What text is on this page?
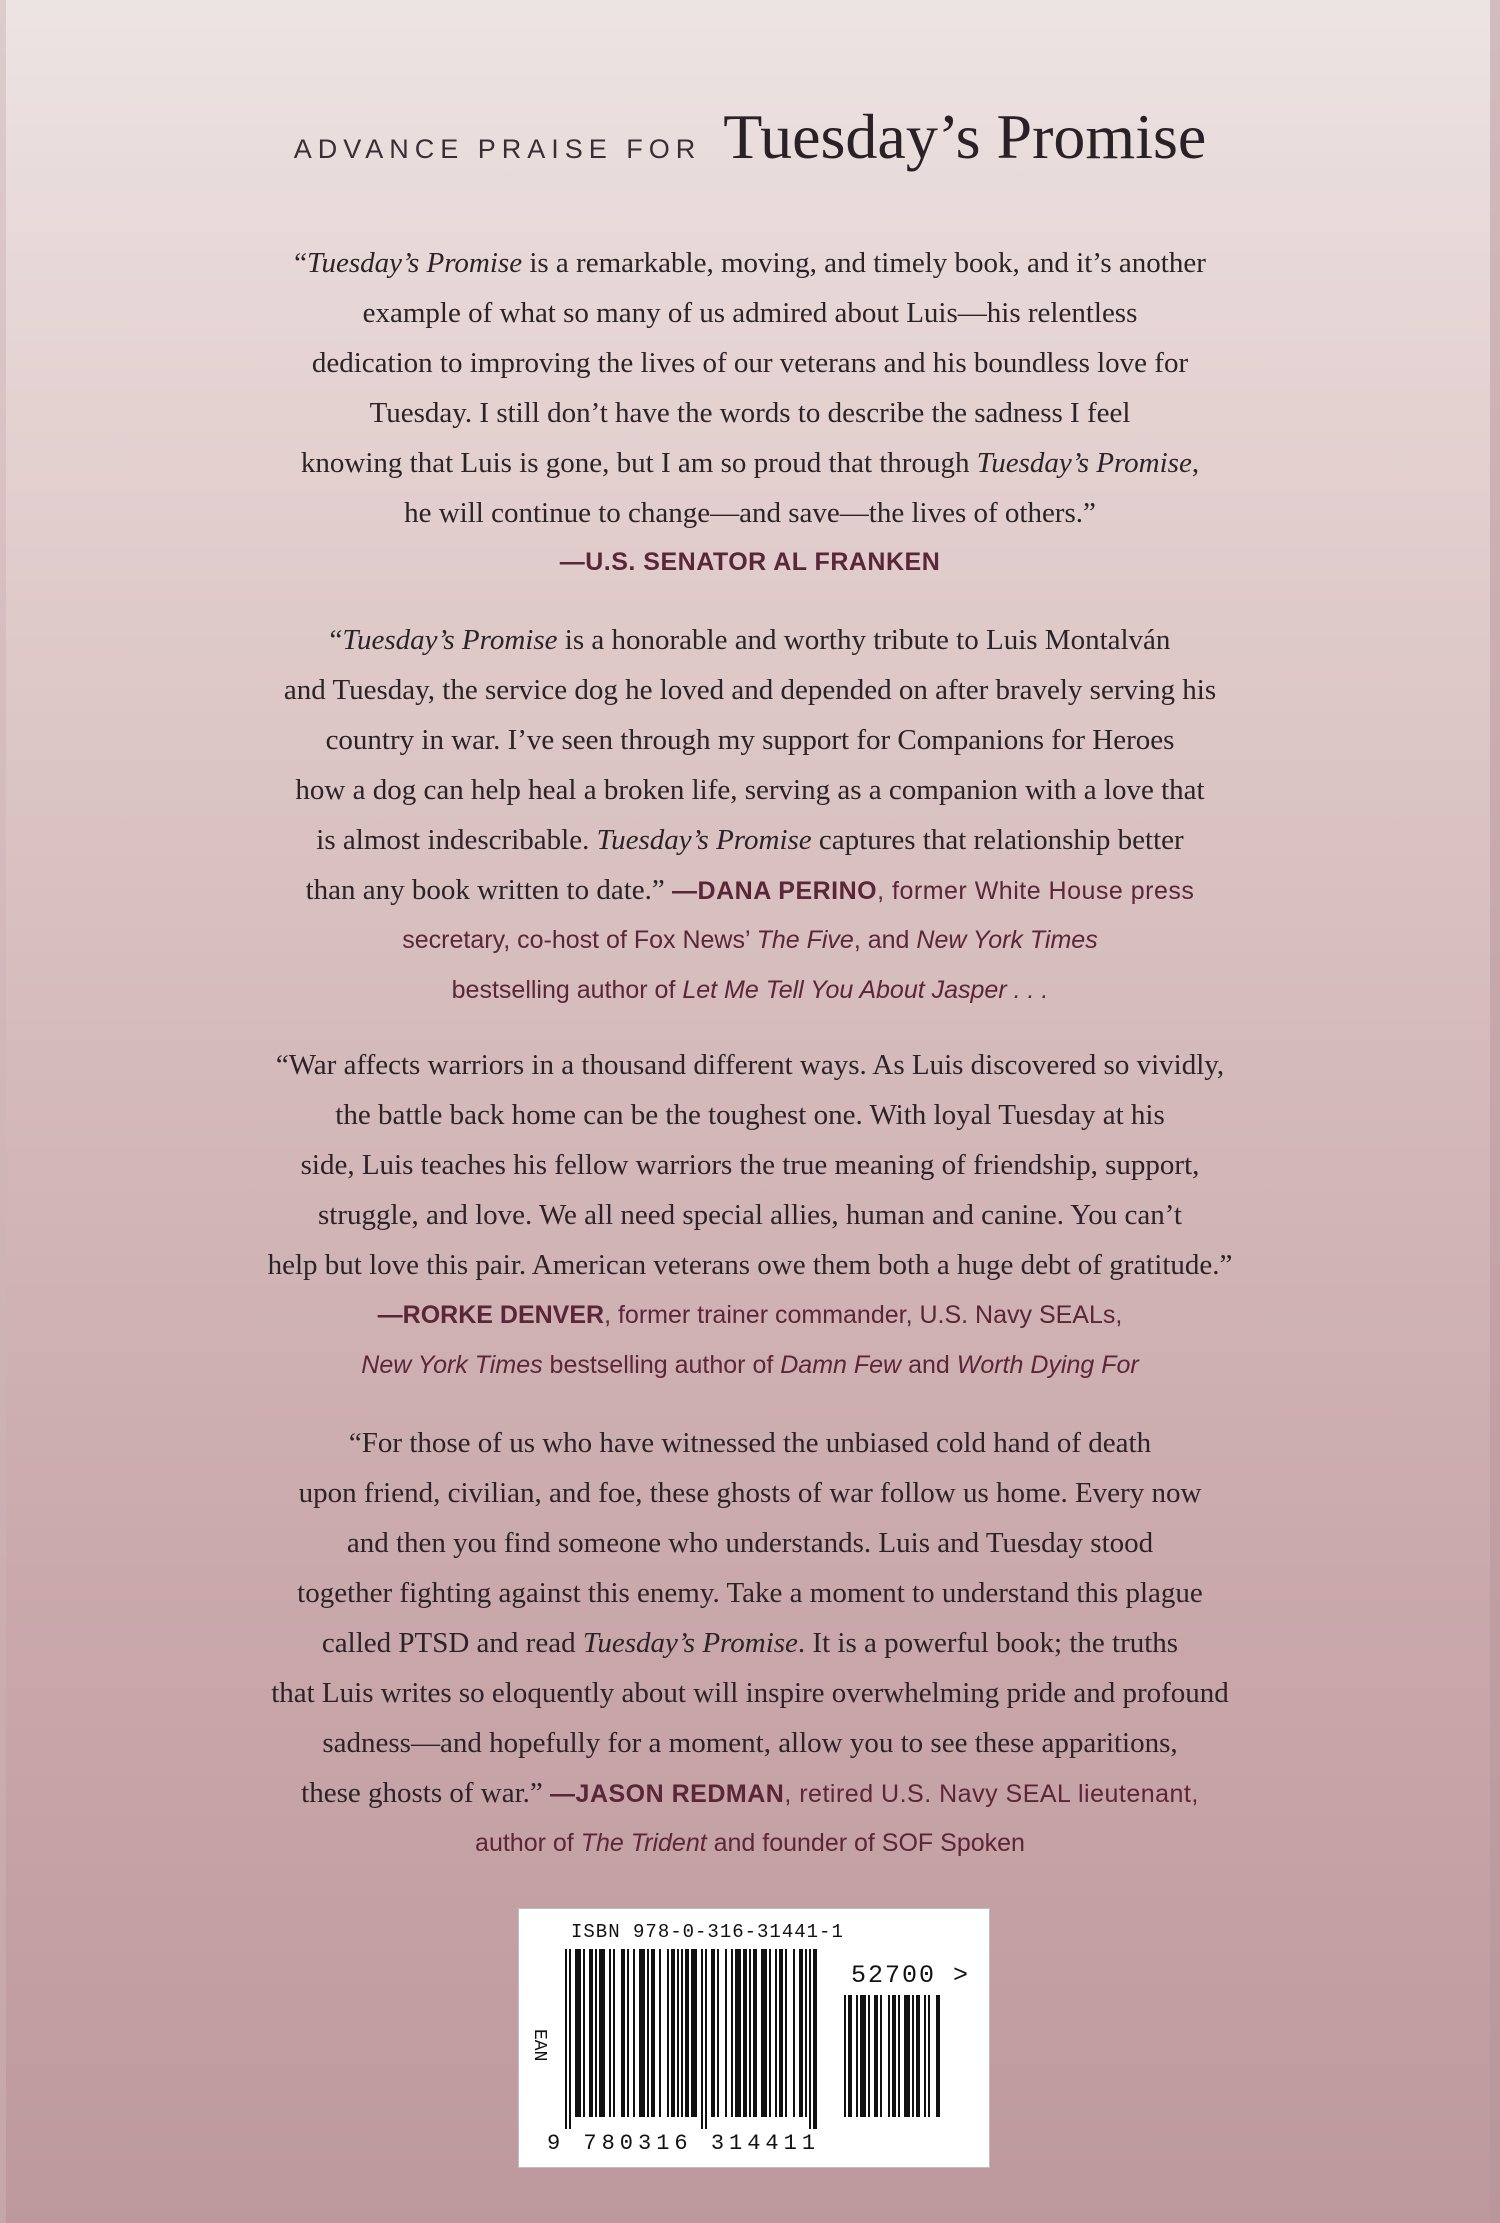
ADVANCE PRAISE FOR Tuesday’s Promise

“Tuesday’s Promise is a remarkable, moving, and timely book, and it’s another
example of what so many of us admired about Luis—his relentless
dedication to improving the lives of our veterans and his boundless love for
Tuesday. I still don’t have the words to describe the sadness I feel
knowing that Luis is gone, but I am so proud that through Tuesday’s Promise,
he will continue to change—and save—the lives of others.”

—U.S. SENATOR AL FRANKEN

“Tuesday’s Promise is a honorable and worthy tribute to Luis Montalván
and Tuesday, the service dog he loved and depended on after bravely serving his
country in war. I’ve seen through my support for Companions for Heroes
how a dog can help heal a broken life, serving as a companion with a love that
is almost indescribable. Tuesday’s Promise captures that relationship better
than any book written to date.” —DANA PERINO, former White House press

secretary, co-host of Fox News’ The Five, and New York Times
bestselling author of Let Me Tell You About Jasper . . .

“War affects warriors in a thousand different ways. As Luis discovered so vividly,
the battle back home can be the toughest one. With loyal Tuesday at his
side, Luis teaches his fellow warriors the true meaning of friendship, support,
struggle, and love. We all need special allies, human and canine. You can’t
help but love this pair. American veterans owe them both a huge debt of gratitude.”

—RORKE DENVER, former trainer commander, U.S. Navy SEALs,
New York Times bestselling author of Damn Few and Worth Dying For

“For those of us who have witnessed the unbiased cold hand of death
upon friend, civilian, and foe, these ghosts of war follow us home. Every now
and then you find someone who understands. Luis and Tuesday stood
together fighting against this enemy. Take a moment to understand this plague
called PTSD and read Tuesday’s Promise. It is a powerful book; the truths
that Luis writes so eloquently about will inspire overwhelming pride and profound
sadness—and hopefully for a moment, allow you to see these apparitions,
these ghosts of war.” —JASON REDMAN, retired U.S. Navy SEAL lieutenant,

author of The Trident and founder of SOF Spoken
ISBN 978-0-316-31441-1
52700 >
EAN
9 780316 314411
